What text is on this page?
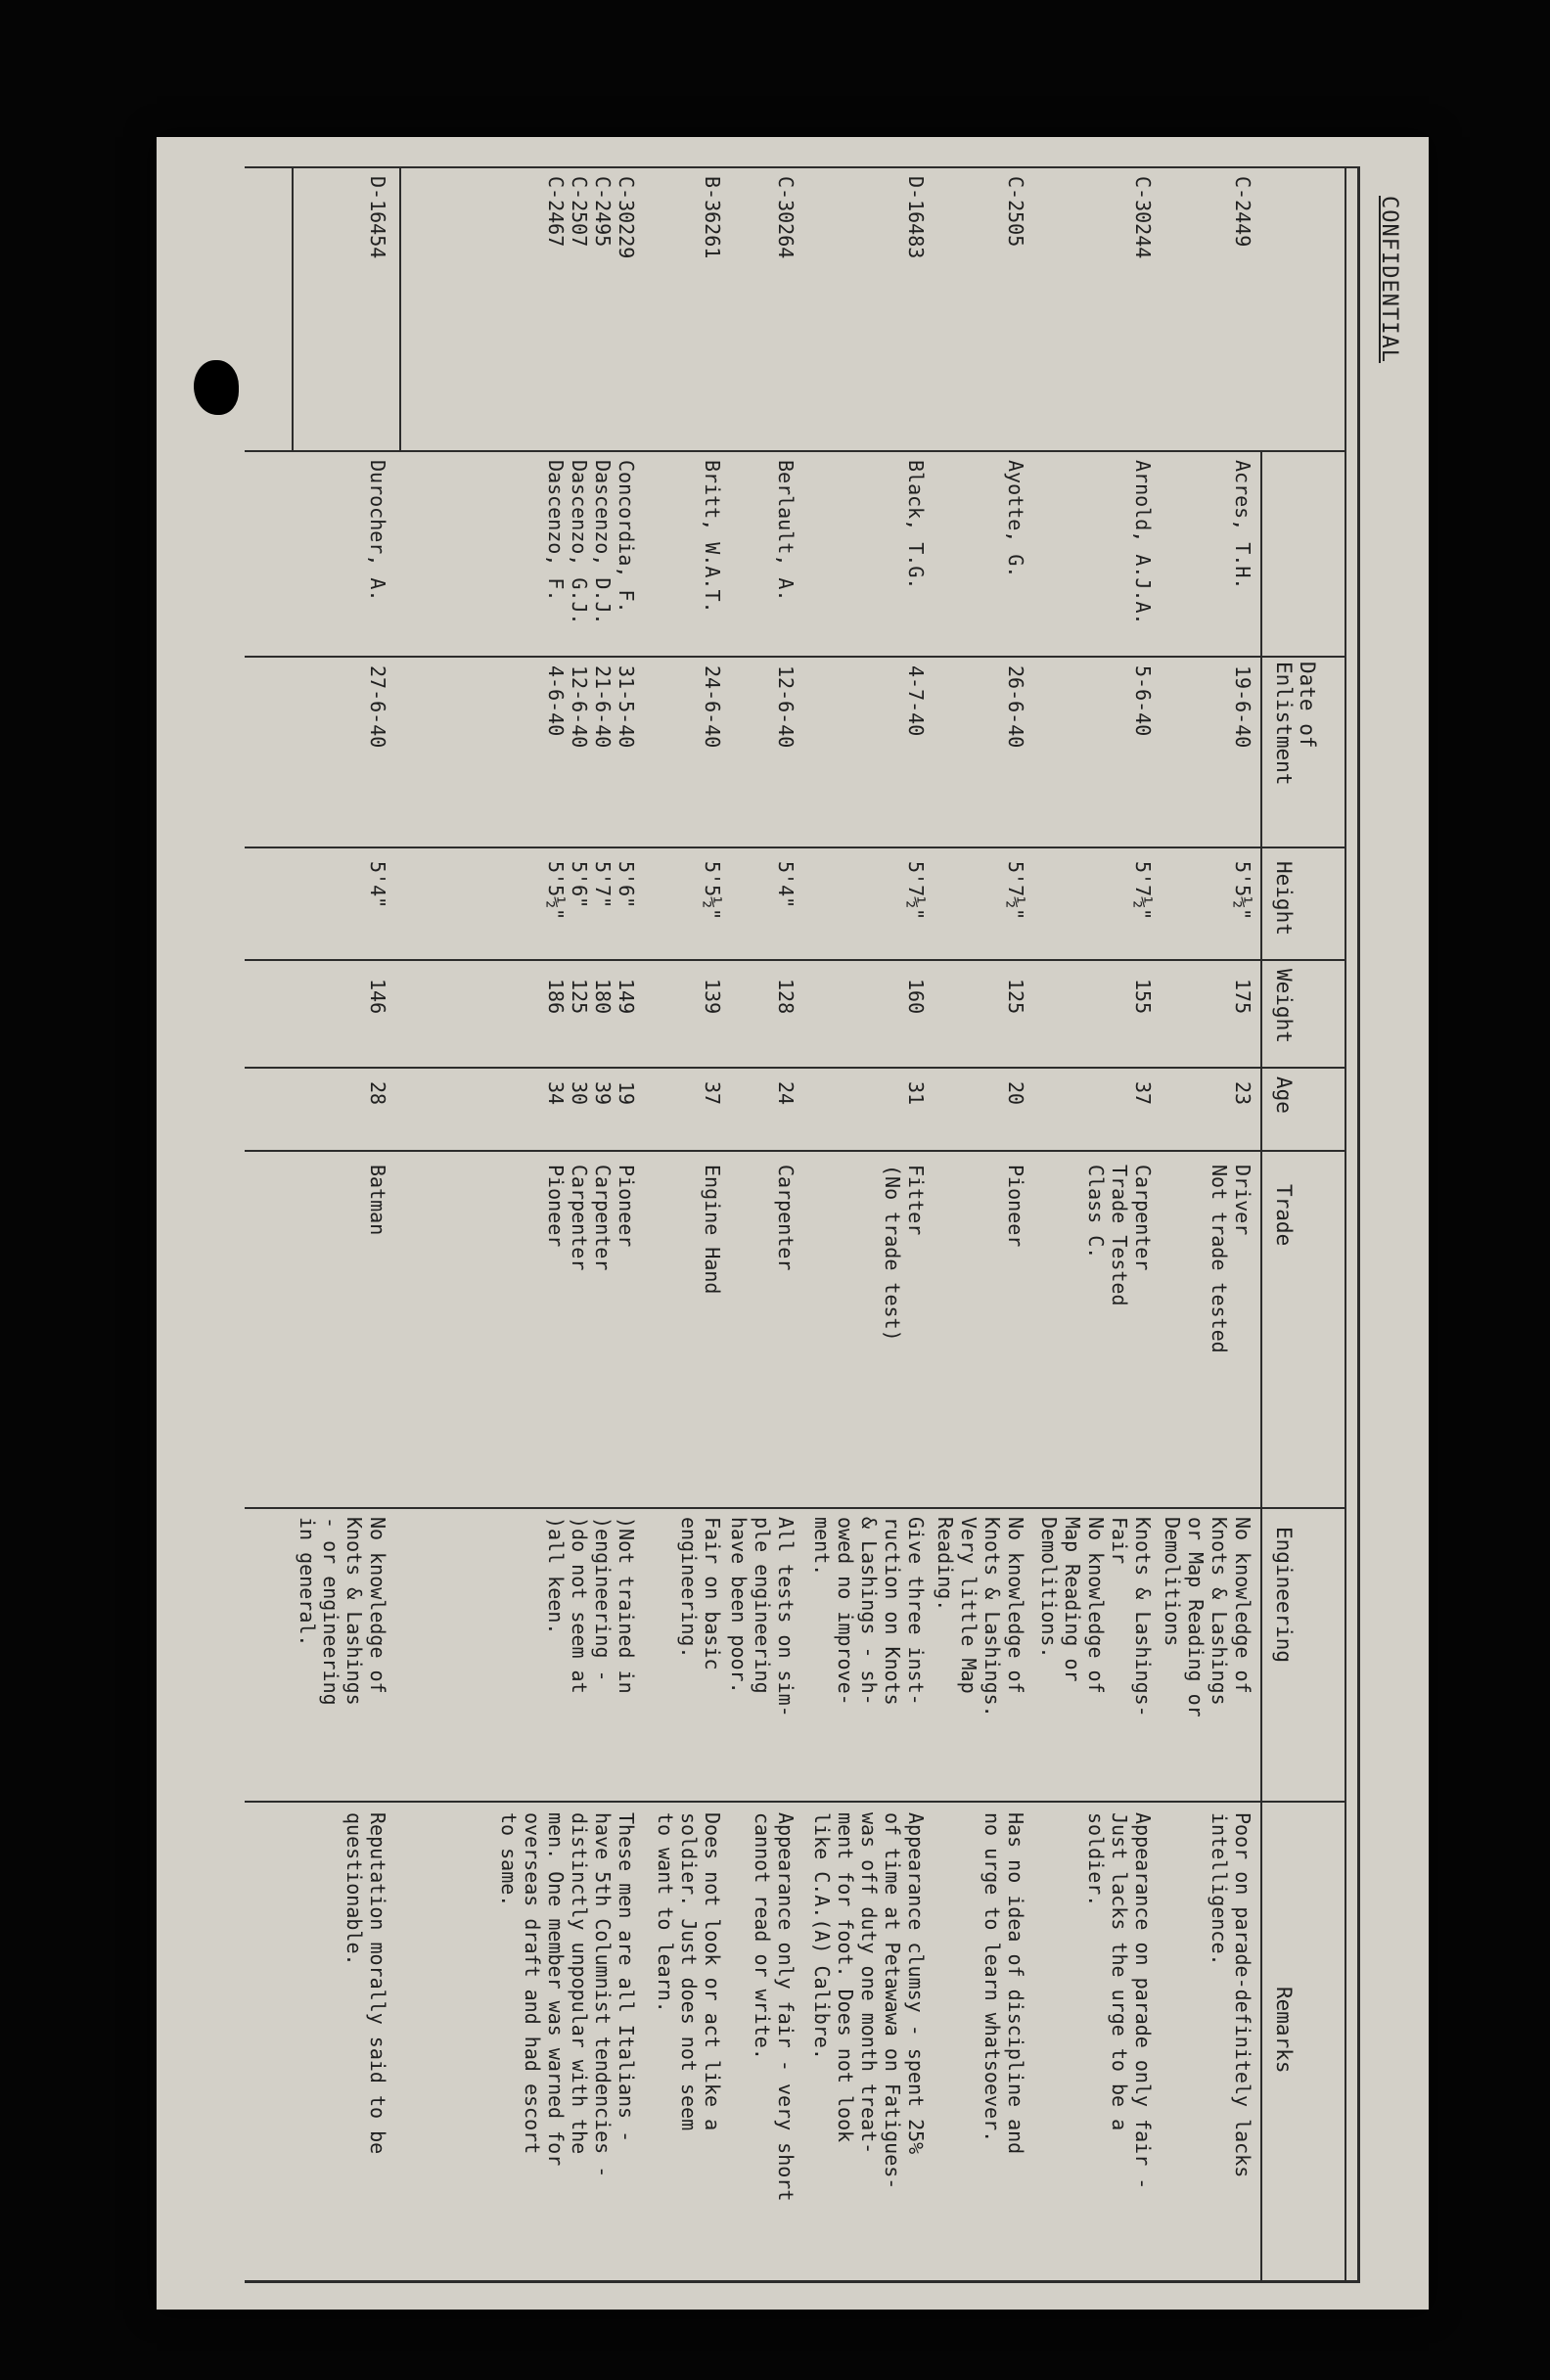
CONFIDENTIAL
Date of
Enlistment
Height
Weight
Age
Trade
Engineering
Remarks
C-2449
Acres, T.H.
19-6-40
5'5½"
175
23
Driver
Not trade tested
No knowledge of
Knots & Lashings
or Map Reading or
Demolitions
Poor on parade-definitely lacks
intelligence.
C-30244
Arnold, A.J.A.
5-6-40
5'7½"
155
37
Carpenter
Trade Tested
Class C.
Knots & Lashings-
Fair
No knowledge of
Map Reading or
Demolitions.
Appearance on parade only fair -
Just lacks the urge to be a
soldier.
C-2505
Ayotte, G.
26-6-40
5'7½"
125
20
Pioneer
No knowledge of
Knots & Lashings.
Very little Map
Reading.
Has no idea of discipline and
no urge to learn whatsoever.
D-16483
Black, T.G.
4-7-40
5'7½"
160
31
Fitter
(No trade test)
Give three inst-
ruction on Knots
& Lashings - sh-
owed no improve-
ment.
Appearance clumsy - spent 25%
of time at Petawawa on Fatigues-
was off duty one month treat-
ment for foot. Does not look
like C.A.(A) Calibre.
C-30264
Berlault, A.
12-6-40
5'4"
128
24
Carpenter
All tests on sim-
ple engineering
have been poor.
Appearance only fair - very short
cannot read or write.
B-36261
Britt, W.A.T.
24-6-40
5'5½"
139
37
Engine Hand
Fair on basic
engineering.
Does not look or act like a
soldier. Just does not seem
to want to learn.
C-30229
C-2495
C-2507
C-2467
Concordia, F.
Dascenzo, D.J.
Dascenzo, G.J.
Dascenzo, F.
31-5-40
21-6-40
12-6-40
4-6-40
5'6"
5'7"
5'6"
5'5½"
149
180
125
186
19
39
30
34
Pioneer
Carpenter
Carpenter
Pioneer
)Not trained in
)engineering -
)do not seem at
)all keen.
These men are all Italians -
have 5th Columnist tendencies -
distinctly unpopular with the
men. One member was warned for
overseas draft and had escort
to same.
D-16454
Durocher, A.
27-6-40
5'4"
146
28
Batman
No knowledge of
Knots & Lashings
- or engineering
in general.
Reputation morally said to be
questionable.
